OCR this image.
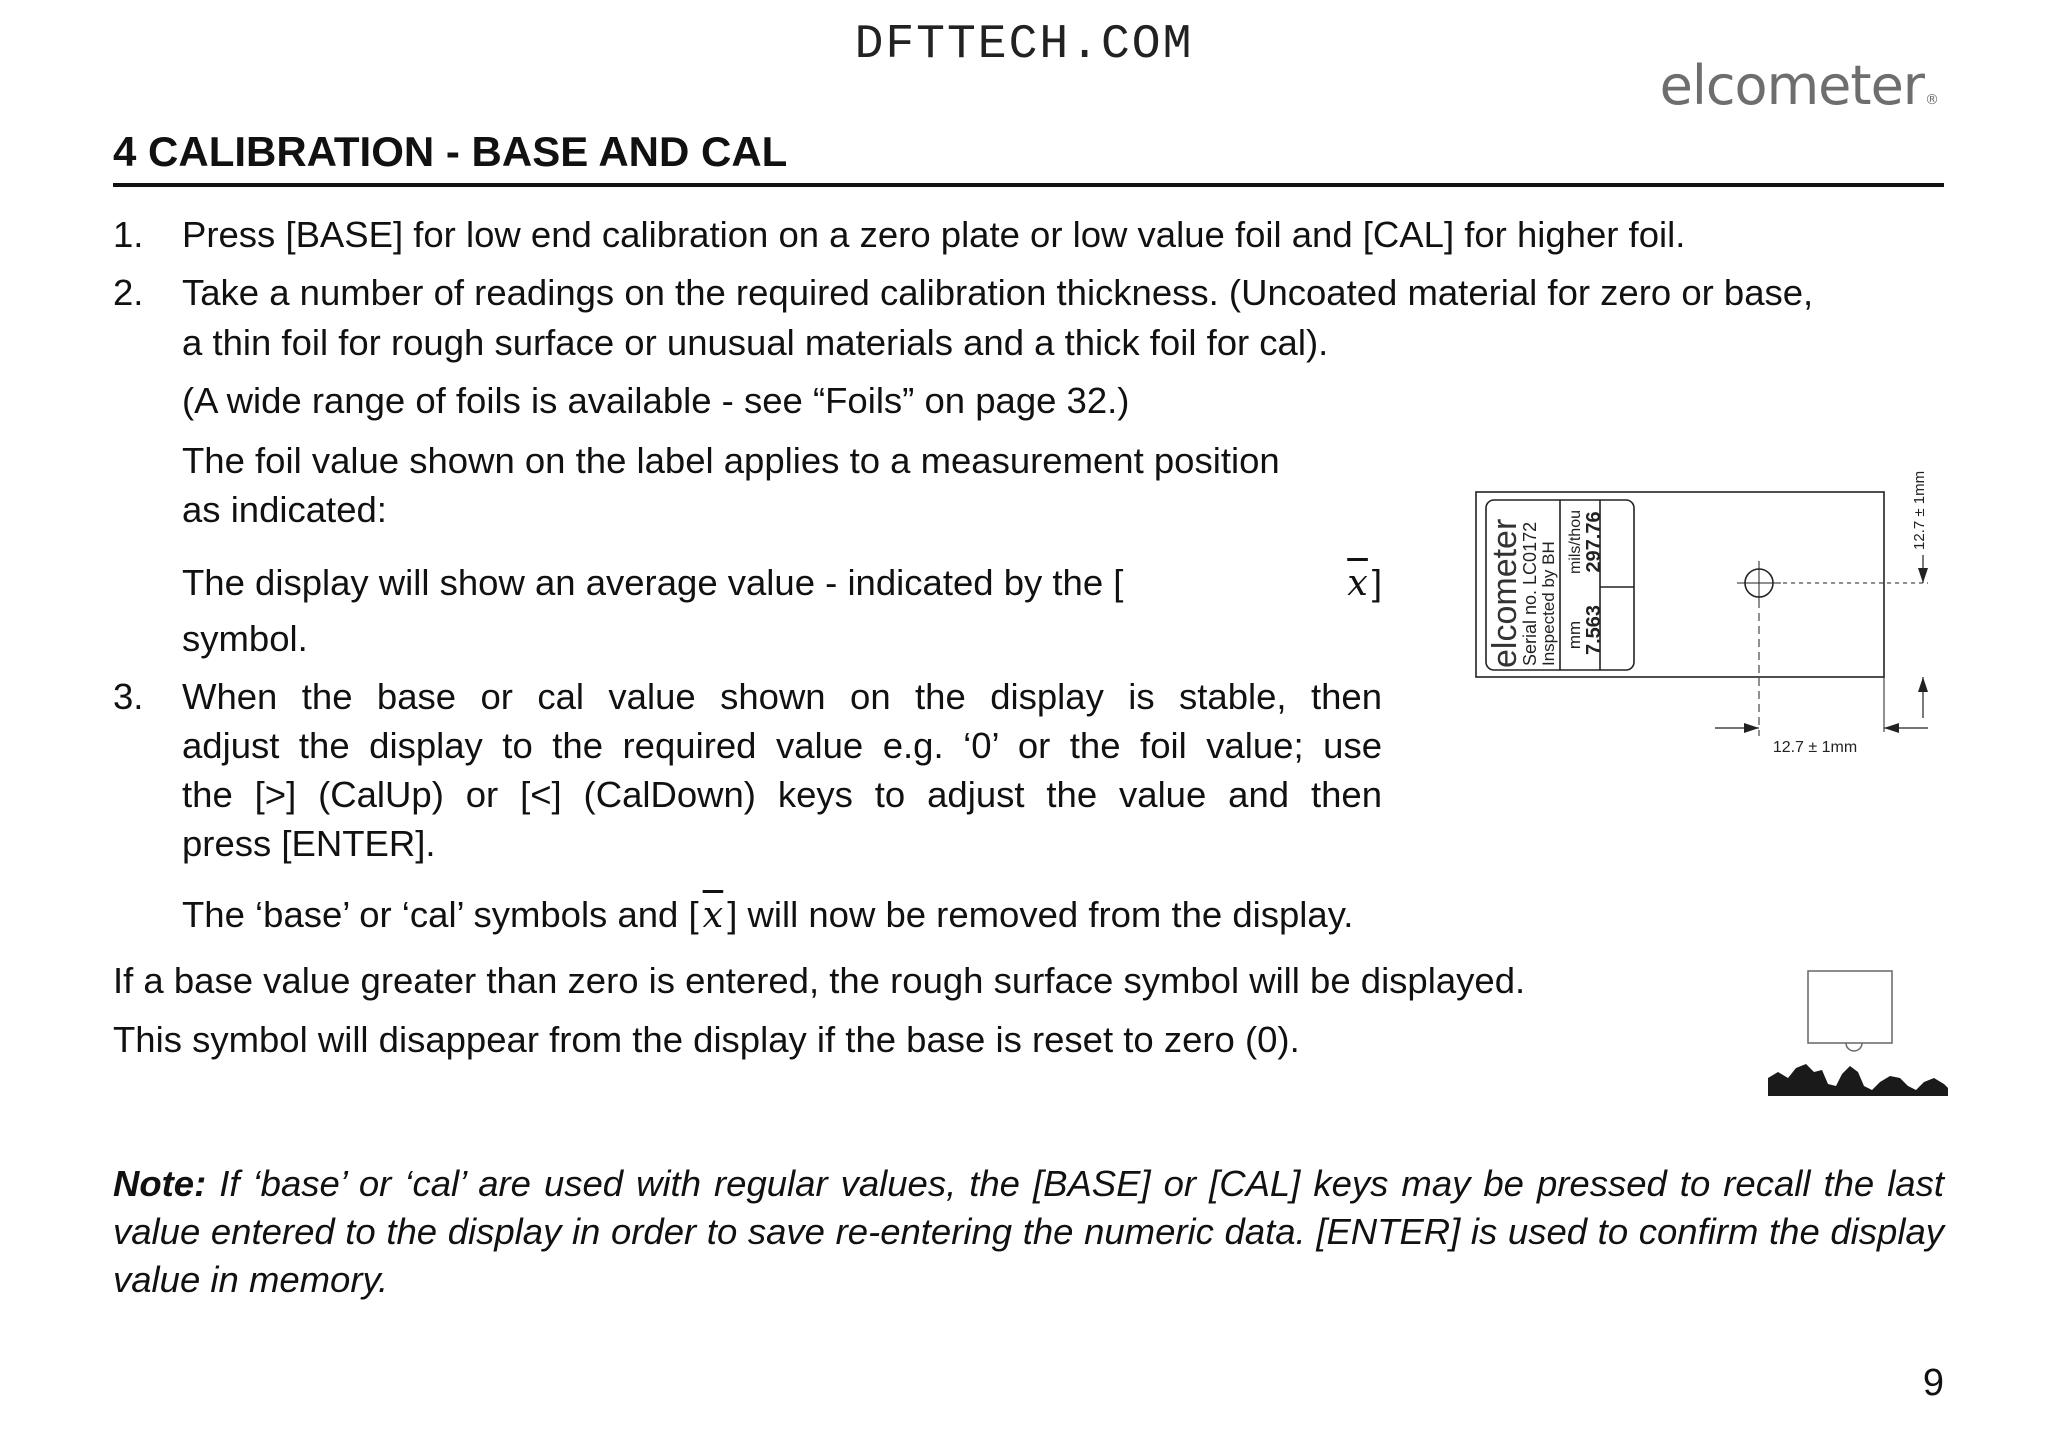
DFTTECH.COM
elcometer®
4 CALIBRATION - BASE AND CAL
1.	Press [BASE] for low end calibration on a zero plate or low value foil and [CAL] for higher foil.
2.	Take a number of readings on the required calibration thickness. (Uncoated material for zero or base,
a thin foil for rough surface or unusual materials and a thick foil for cal).
(A wide range of foils is available - see “Foils” on page 32.)
The foil value shown on the label applies to a measurement position
as indicated:
The display will show an average value - indicated by the [	$\overline{x}$ ]
symbol.
3.	When the base or cal value shown on the display is stable, then
adjust the display to the required value e.g. ‘0’ or the foil value; use
the [>] (CalUp) or [<] (CalDown) keys to adjust the value and then
press [ENTER].
The ‘base’ or ‘cal’ symbols and [ $\overline{x}$ ] will now be removed from the display.
If a base value greater than zero is entered, the rough surface symbol will be displayed.
This symbol will disappear from the display if the base is reset to zero (0).
Note: If ‘base’ or ‘cal’ are used with regular values, the [BASE] or [CAL] keys may be pressed to recall the last value entered to the display in order to save re-entering the numeric data. [ENTER] is used to confirm the display value in memory.
9
12.7 ± 1mm
12.7 ± 1mm
elcometer
Serial no. LC0172 Inspected by BH mm 7.563
mils/thou 297.76
